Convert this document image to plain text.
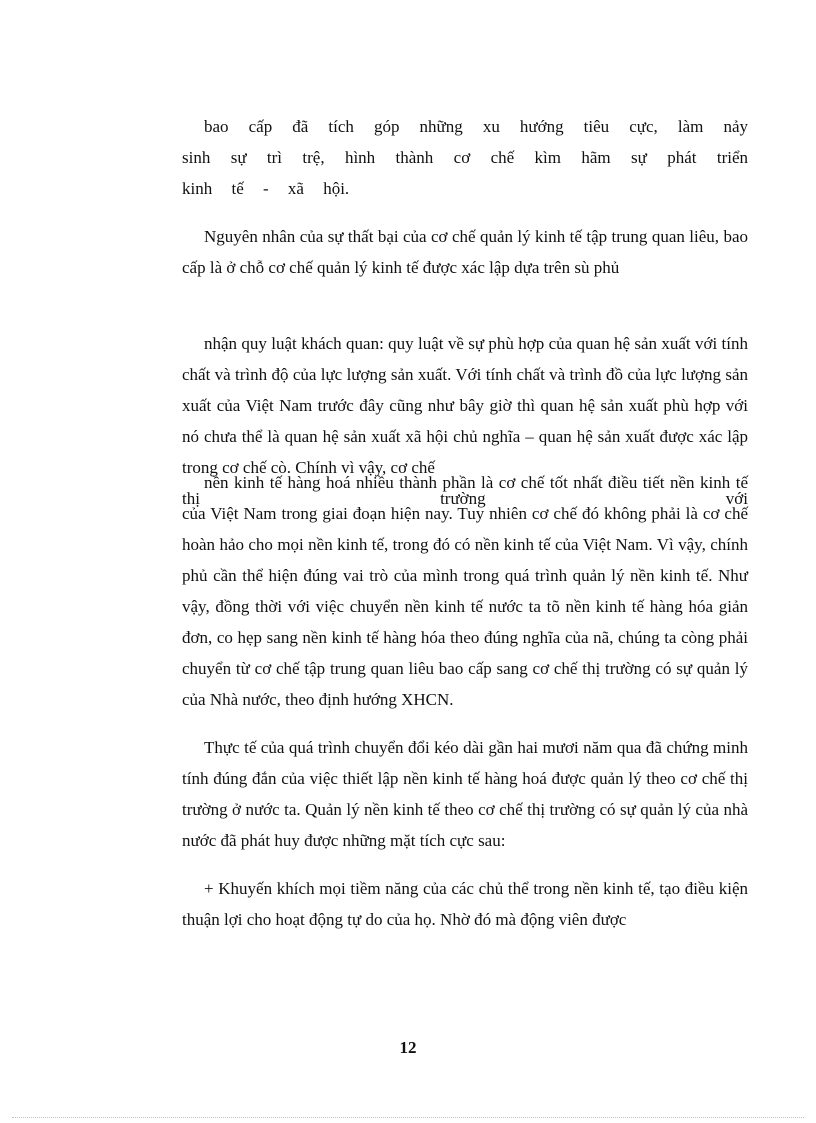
bao cấp đã tích góp những xu hướng tiêu cực, làm nảy sinh sự trì trệ, hình thành cơ chế kìm hãm sự phát triển kinh tế - xã hội.

Nguyên nhân của sự thất bại của cơ chế quản lý kinh tế tập trung quan liêu, bao cấp là ở chỗ cơ chế quản lý kinh tế được xác lập dựa trên sù phủ

nhận quy luật khách quan: quy luật về sự phù hợp của quan hệ sản xuất với tính chất và trình độ của lực lượng sản xuất. Với tính chất và trình đồ của lực lượng sản xuất của Việt Nam trước đây cũng như bây giờ thì quan hệ sản xuất phù hợp với nó chưa thể là quan hệ sản xuất xã hội chủ nghĩa – quan hệ sản xuất được xác lập trong cơ chế cò. Chính vì vậy, cơ chế

thị	trường	với

nền kinh tế hàng hoá nhiều thành phần là cơ chế tốt nhất điều tiết nền kinh tế của Việt Nam trong giai đoạn hiện nay. Tuy nhiên cơ chế đó không phải là cơ chế hoàn hảo cho mọi nền kinh tế, trong đó có nền kinh tế của Việt Nam. Vì vậy, chính phủ cần thể hiện đúng vai trò của mình trong quá trình quản lý nền kinh tế. Như vậy, đồng thời với việc chuyển nền kinh tế nước ta tõ nền kinh tế hàng hóa giản đơn, co hẹp sang nền kinh tế hàng hóa theo đúng nghĩa của nã, chúng ta còng phải chuyển từ cơ chế tập trung quan liêu bao cấp sang cơ chế thị trường có sự quản lý của Nhà nước, theo định hướng XHCN.

Thực tế của quá trình chuyển đổi kéo dài gần hai mươi năm qua đã chứng minh tính đúng đắn của việc thiết lập nền kinh tế hàng hoá được quản lý theo cơ chế thị trường ở nước ta. Quản lý nền kinh tế theo cơ chế thị trường có sự quản lý của nhà nước đã phát huy được những mặt tích cực sau:

+ Khuyến khích mọi tiềm năng của các chủ thể trong nền kinh tế, tạo điều kiện thuận lợi cho hoạt động tự do của họ. Nhờ đó mà động viên được

12
